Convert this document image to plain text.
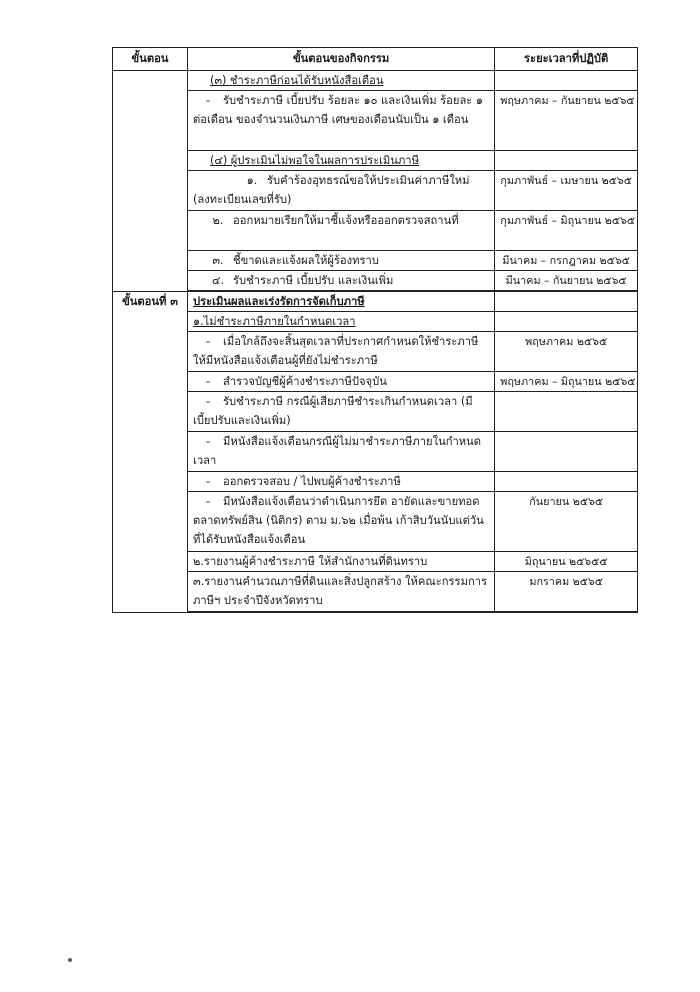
ขั้นตอน	ขั้นตอนของกิจกรรม	ระยะเวลาที่ปฏิบัติ
	(๓) ชำระภาษีก่อนได้รับหนังสือเตือน	
	- รับชำระภาษี เบี้ยปรับ ร้อยละ ๑๐ และเงินเพิ่ม ร้อยละ ๑ ต่อเดือน ของจำนวนเงินภาษี เศษของเดือนนับเป็น ๑ เดือน	พฤษภาคม – กันยายน ๒๕๖๕
	(๔) ผู้ประเมินไม่พอใจในผลการประเมินภาษี	
	๑. รับคำร้องอุทธรณ์ขอให้ประเมินค่าภาษีใหม่ (ลงทะเบียนเลขที่รับ)	กุมภาพันธ์ – เมษายน ๒๕๖๕
	๒. ออกหมายเรียกให้มาชี้แจ้งหรือออกตรวจสถานที่	กุมภาพันธ์ – มิถุนายน ๒๕๖๕
	๓. ชี้ขาดและแจ้งผลให้ผู้ร้องทราบ	มีนาคม – กรกฎาคม ๒๕๖๕
	๔. รับชำระภาษี เบี้ยปรับ และเงินเพิ่ม	มีนาคม – กันยายน ๒๕๖๕

ขั้นตอนที่ ๓	ประเมินผลและเร่งรัดการจัดเก็บภาษี	
	๑.ไม่ชำระภาษีภายในกำหนดเวลา	
	- เมื่อใกล้ถึงจะสิ้นสุดเวลาที่ประกาศกำหนดให้ชำระภาษี ให้มีหนังสือแจ้งเตือนผู้ที่ยังไม่ชำระภาษี	พฤษภาคม ๒๕๖๕
	- สำรวจบัญชีผู้ค้างชำระภาษีปัจจุบัน	พฤษภาคม – มิถุนายน ๒๕๖๕
	- รับชำระภาษี กรณีผู้เสียภาษีชำระเกินกำหนดเวลา (มีเบี้ยปรับและเงินเพิ่ม)	
	- มีหนังสือแจ้งเตือนกรณีผู้ไม่มาชำระภาษีภายในกำหนดเวลา	
	- ออกตรวจสอบ / ไปพบผู้ค้างชำระภาษี	
	- มีหนังสือแจ้งเตือนว่าดำเนินการยึด อายัดและขายทอดตลาดทรัพย์สิน (นิติกร) ตาม ม.๖๒ เมื่อพ้น เก้าสิบวันนับแต่วันที่ได้รับหนังสือแจ้งเตือน	กันยายน ๒๕๖๕
	๒.รายงานผู้ค้างชำระภาษี ให้สำนักงานที่ดินทราบ	มิถุนายน ๒๕๖๕๕
	๓.รายงานคำนวณภาษีที่ดินและสิ่งปลูกสร้าง ให้คณะกรรมการภาษีฯ ประจำปีจังหวัดทราบ	มกราคม ๒๕๖๕
